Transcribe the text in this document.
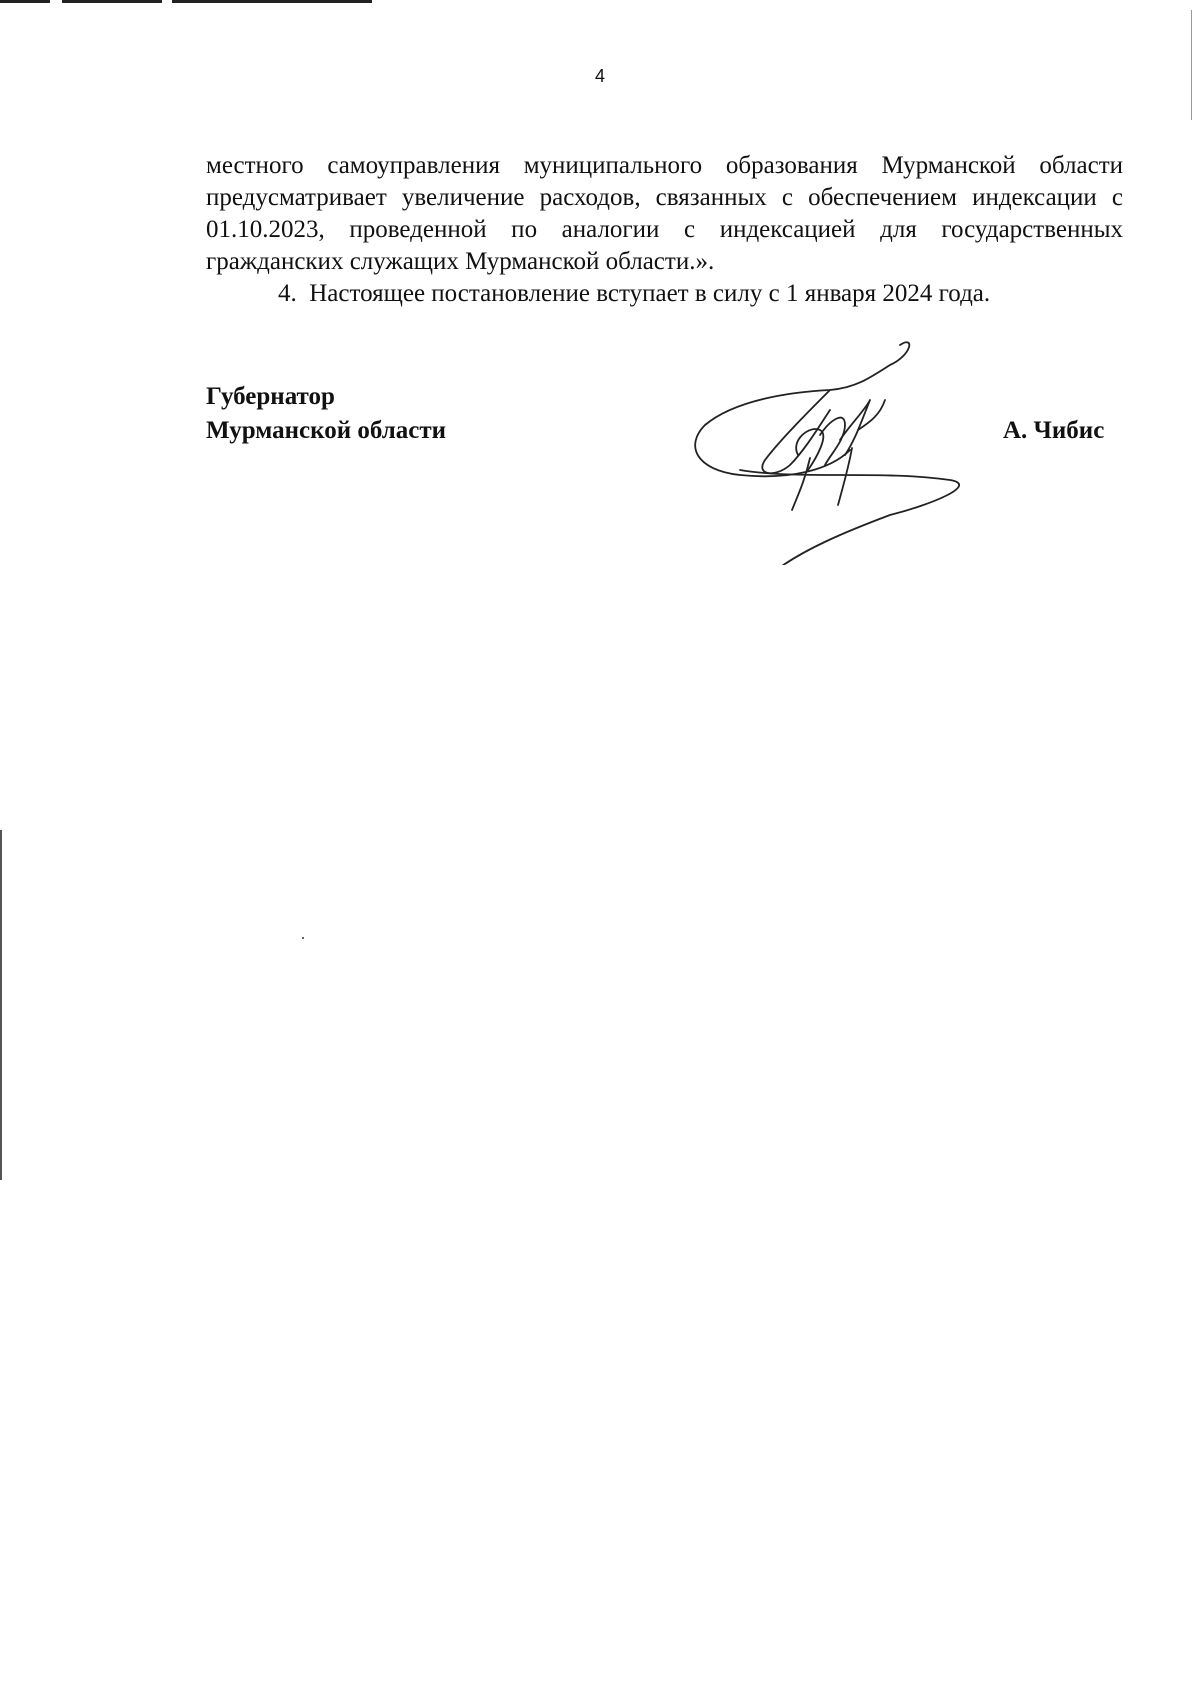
4

местного самоуправления муниципального образования Мурманской области предусматривает увеличение расходов, связанных с обеспечением индексации с 01.10.2023, проведенной по аналогии с индексацией для государственных гражданских служащих Мурманской области.».

4.  Настоящее постановление вступает в силу с 1 января 2024 года.

Губернатор
Мурманской области	А. Чибис
